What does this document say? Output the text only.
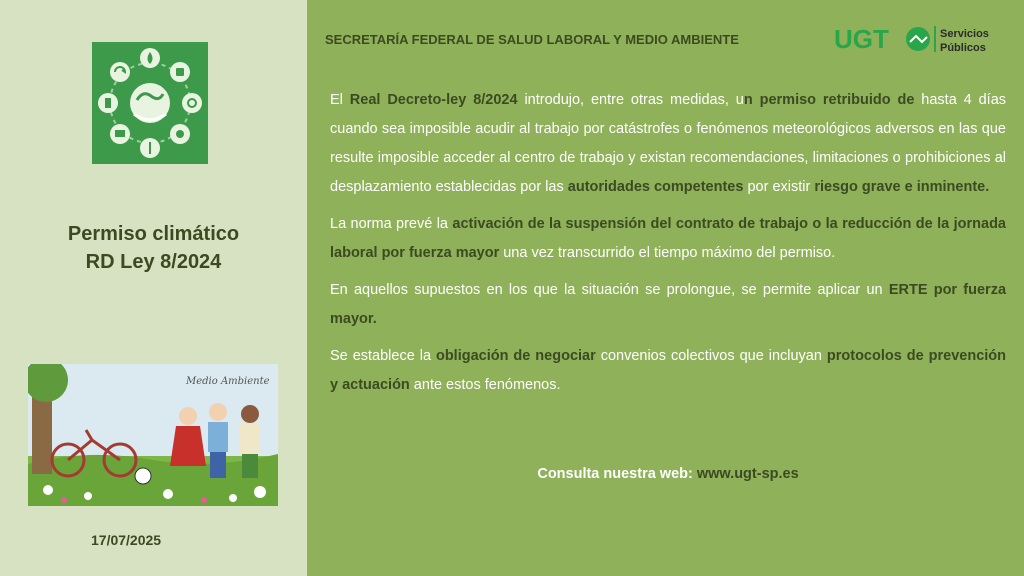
Permiso climático
RD Ley 8/2024
Medio Ambiente
17/07/2025
SECRETARÍA FEDERAL DE SALUD LABORAL Y MEDIO AMBIENTE	UGT	Servicios
Públicos

El Real Decreto-ley 8/2024 introdujo, entre otras medidas, un permiso retribuido de hasta 4 días cuando sea imposible acudir al trabajo por catástrofes o fenómenos meteorológicos adversos en las que resulte imposible acceder al centro de trabajo y existan recomendaciones, limitaciones o prohibiciones al desplazamiento establecidas por las autoridades competentes por existir riesgo grave e inminente.

La norma prevé la activación de la suspensión del contrato de trabajo o la reducción de la jornada laboral por fuerza mayor una vez transcurrido el tiempo máximo del permiso.

En aquellos supuestos en los que la situación se prolongue, se permite aplicar un ERTE por fuerza mayor.

Se establece la obligación de negociar convenios colectivos que incluyan protocolos de prevención y actuación ante estos fenómenos.

Consulta nuestra web: www.ugt-sp.es
